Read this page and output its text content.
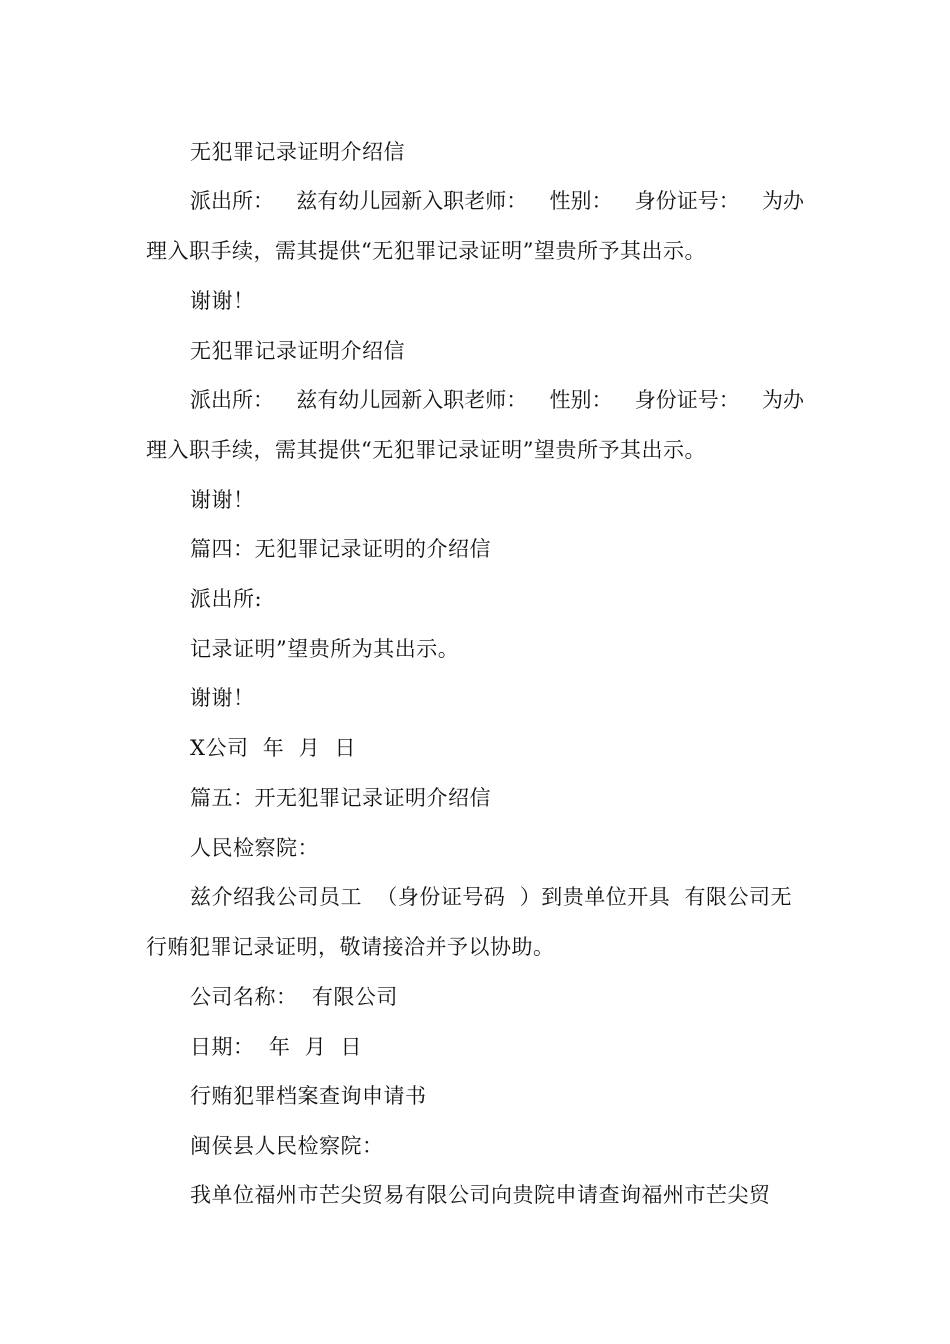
无犯罪记录证明介绍信
派出所： 兹有幼儿园新入职老师： 性别： 身份证号： 为办
理入职手续，需其提供“无犯罪记录证明”望贵所予其出示。
谢谢！
无犯罪记录证明介绍信
派出所： 兹有幼儿园新入职老师： 性别： 身份证号： 为办
理入职手续，需其提供“无犯罪记录证明”望贵所予其出示。
谢谢！
篇四：无犯罪记录证明的介绍信
派出所:
记录证明”望贵所为其出示。
谢谢！
X公司  年  月  日
篇五：开无犯罪记录证明介绍信
人民检察院：
兹介绍我公司员工  （身份证号码  ）到贵单位开具  有限公司无
行贿犯罪记录证明，敬请接洽并予以协助。
公司名称：  有限公司
日期：  年  月  日
行贿犯罪档案查询申请书
闽侯县人民检察院：
我单位福州市芒尖贸易有限公司向贵院申请查询福州市芒尖贸
